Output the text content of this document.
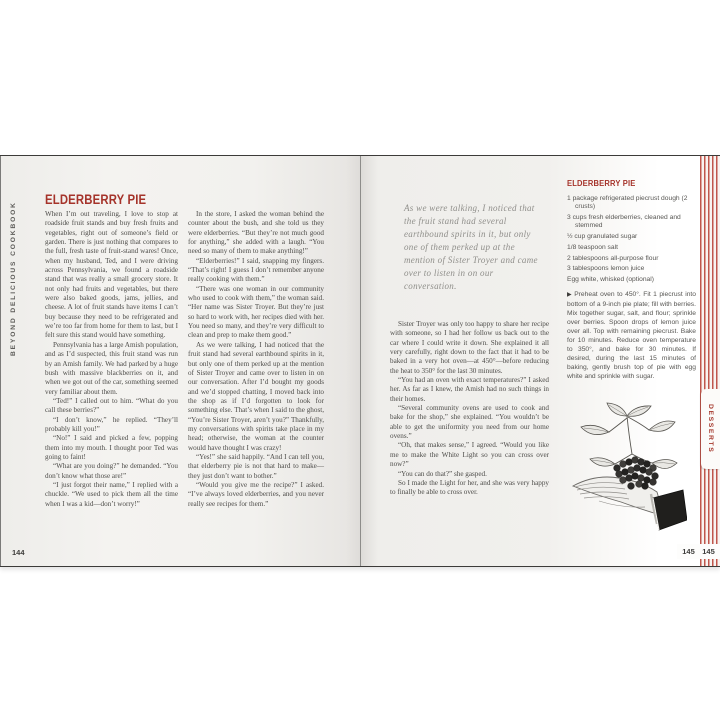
BEYOND DELICIOUS COOKBOOK
ELDERBERRY PIE

When I’m out traveling, I love to stop at roadside fruit stands and buy fresh fruits and vegetables, right out of someone’s field or garden. There is just nothing that compares to the full, fresh taste of fruit-stand wares! Once, when my husband, Ted, and I were driving across Pennsylvania, we found a roadside stand that was really a small grocery store. It not only had fruits and vegetables, but there were also baked goods, jams, jellies, and cheese. A lot of fruit stands have items I can’t buy because they need to be refrigerated and we’re too far from home for them to last, but I felt sure this stand would have something.

Pennsylvania has a large Amish population, and as I’d suspected, this fruit stand was run by an Amish family. We had parked by a huge bush with massive blackberries on it, and when we got out of the car, something seemed very familiar about them.

“Ted!” I called out to him. “What do you call these berries?”

“I don’t know,” he replied. “They’ll probably kill you!”

“No!” I said and picked a few, popping them into my mouth. I thought poor Ted was going to faint!

“What are you doing?” he demanded. “You don’t know what those are!”

“I just forgot their name,” I replied with a chuckle. “We used to pick them all the time when I was a kid—don’t worry!”

In the store, I asked the woman behind the counter about the bush, and she told us they were elderberries. “But they’re not much good for anything,” she added with a laugh. “You need so many of them to make anything!”

“Elderberries!” I said, snapping my fingers. “That’s right! I guess I don’t remember anyone really cooking with them.”

“There was one woman in our community who used to cook with them,” the woman said. “Her name was Sister Troyer. But they’re just so hard to work with, her recipes died with her. You need so many, and they’re very difficult to clean and prep to make them good.”

As we were talking, I had noticed that the fruit stand had several earthbound spirits in it, but only one of them perked up at the mention of Sister Troyer and came over to listen in on our conversation. After I’d bought my goods and we’d stopped chatting, I moved back into the shop as if I’d forgotten to look for something else. That’s when I said to the ghost, “You’re Sister Troyer, aren’t you?” Thankfully, my conversations with spirits take place in my head; otherwise, the woman at the counter would have thought I was crazy!

“Yes!” she said happily. “And I can tell you, that elderberry pie is not that hard to make—they just don’t want to bother.”

“Would you give me the recipe?” I asked. “I’ve always loved elderberries, and you never really see recipes for them.”

144
As we were talking, I noticed that the fruit stand had several earthbound spirits in it, but only one of them perked up at the mention of Sister Troyer and came over to listen in on our conversation.

Sister Troyer was only too happy to share her recipe with someone, so I had her follow us back out to the car where I could write it down. She explained it all very carefully, right down to the fact that it had to be baked in a very hot oven—at 450°—before reducing the heat to 350° for the last 30 minutes.

“You had an oven with exact temperatures?” I asked her. As far as I knew, the Amish had no such things in their homes.

“Several community ovens are used to cook and bake for the shop,” she explained. “You wouldn’t be able to get the uniformity you need from our home ovens.”

“Oh, that makes sense,” I agreed. “Would you like me to make the White Light so you can cross over now?”

“You can do that?” she gasped.

So I made the Light for her, and she was very happy to finally be able to cross over.

ELDERBERRY PIE
1 package refrigerated piecrust dough (2 crusts)
3 cups fresh elderberries, cleaned and stemmed
½ cup granulated sugar
1/8 teaspoon salt
2 tablespoons all-purpose flour
3 tablespoons lemon juice
Egg white, whisked (optional)
▶ Preheat oven to 450°. Fit 1 piecrust into bottom of a 9-inch pie plate; fill with berries. Mix together sugar, salt, and flour; sprinkle over berries. Spoon drops of lemon juice over all. Top with remaining piecrust. Bake for 10 minutes. Reduce oven temperature to 350°, and bake for 30 minutes. If desired, during the last 15 minutes of baking, gently brush top of pie with egg white and sprinkle with sugar.
145
DESSERTS
145
